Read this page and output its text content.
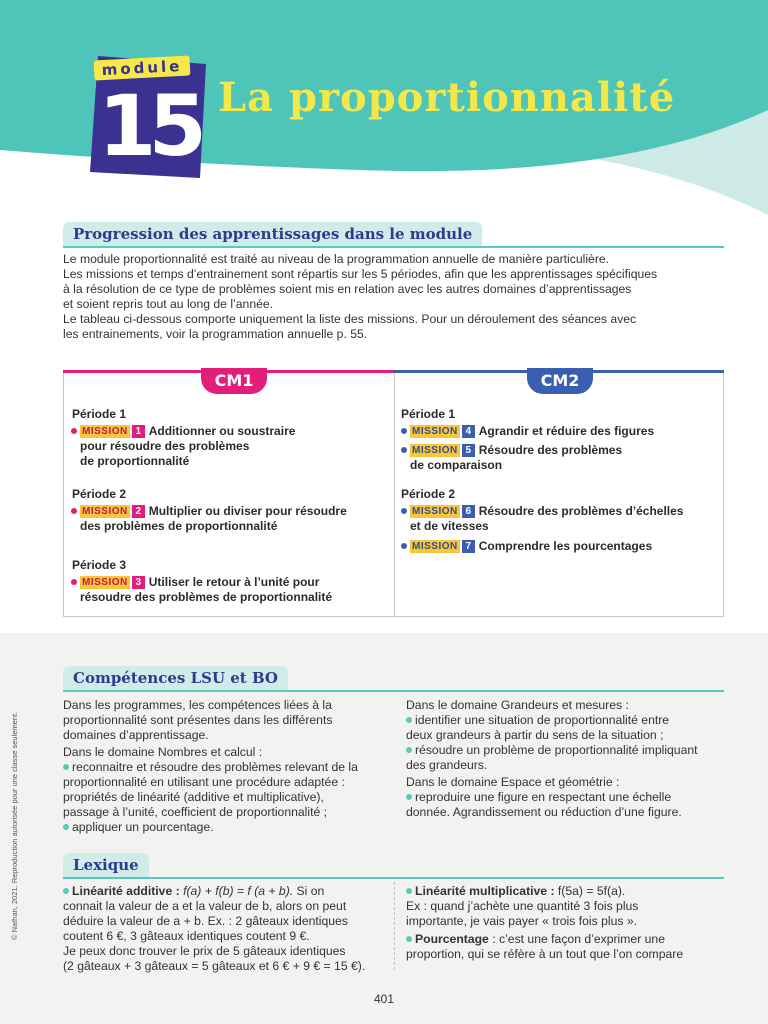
module
15 La proportionnalité
Progression des apprentissages dans le module

Le module proportionnalité est traité au niveau de la programmation annuelle de manière particulière.

Les missions et temps d’entrainement sont répartis sur les 5 périodes, afin que les apprentissages spécifiques

à la résolution de ce type de problèmes soient mis en relation avec les autres domaines d’apprentissages

et soient repris tout au long de l’année.

Le tableau ci-dessous comporte uniquement la liste des missions. Pour un déroulement des séances avec

les entrainements, voir la programmation annuelle p. 55.

CM1	CM2
Période 1
MISSION 1 Additionner ou soustraire
pour résoudre des problèmes
de proportionnalité
Période 2
MISSION 2 Multiplier ou diviser pour résoudre
des problèmes de proportionnalité
Période 3
MISSION 3 Utiliser le retour à l’unité pour
résoudre des problèmes de proportionnalité
Période 1
MISSION 4 Agrandir et réduire des figures
MISSION 5 Résoudre des problèmes
de comparaison
Période 2
MISSION 6 Résoudre des problèmes d’échelles
et de vitesses
MISSION 7 Comprendre les pourcentages
Compétences LSU et BO

Dans les programmes, les compétences liées à la

proportionnalité sont présentes dans les différents

domaines d’apprentissage.

Dans le domaine Nombres et calcul :

reconnaitre et résoudre des problèmes relevant de la

proportionnalité en utilisant une procédure adaptée :

propriétés de linéarité (additive et multiplicative),

passage à l’unité, coefficient de proportionnalité ;

appliquer un pourcentage.

Dans le domaine Grandeurs et mesures :

identifier une situation de proportionnalité entre

deux grandeurs à partir du sens de la situation ;

résoudre un problème de proportionnalité impliquant

des grandeurs.

Dans le domaine Espace et géométrie :

reproduire une figure en respectant une échelle

donnée. Agrandissement ou réduction d’une figure.

Lexique

Linéarité additive : f(a) + f(b) = f (a + b). Si on

connait la valeur de a et la valeur de b, alors on peut

déduire la valeur de a + b. Ex. : 2 gâteaux identiques

coutent 6 €, 3 gâteaux identiques coutent 9 €.

Je peux donc trouver le prix de 5 gâteaux identiques

(2 gâteaux + 3 gâteaux = 5 gâteaux et 6 € + 9 € = 15 €).

Linéarité multiplicative : f(5a) = 5f(a).

Ex : quand j’achète une quantité 3 fois plus

importante, je vais payer « trois fois plus ».

Pourcentage : c’est une façon d’exprimer une

proportion, qui se réfère à un tout que l’on compare

© Nathan, 2021. Reproduction autorisée pour une classe seulement.
401
